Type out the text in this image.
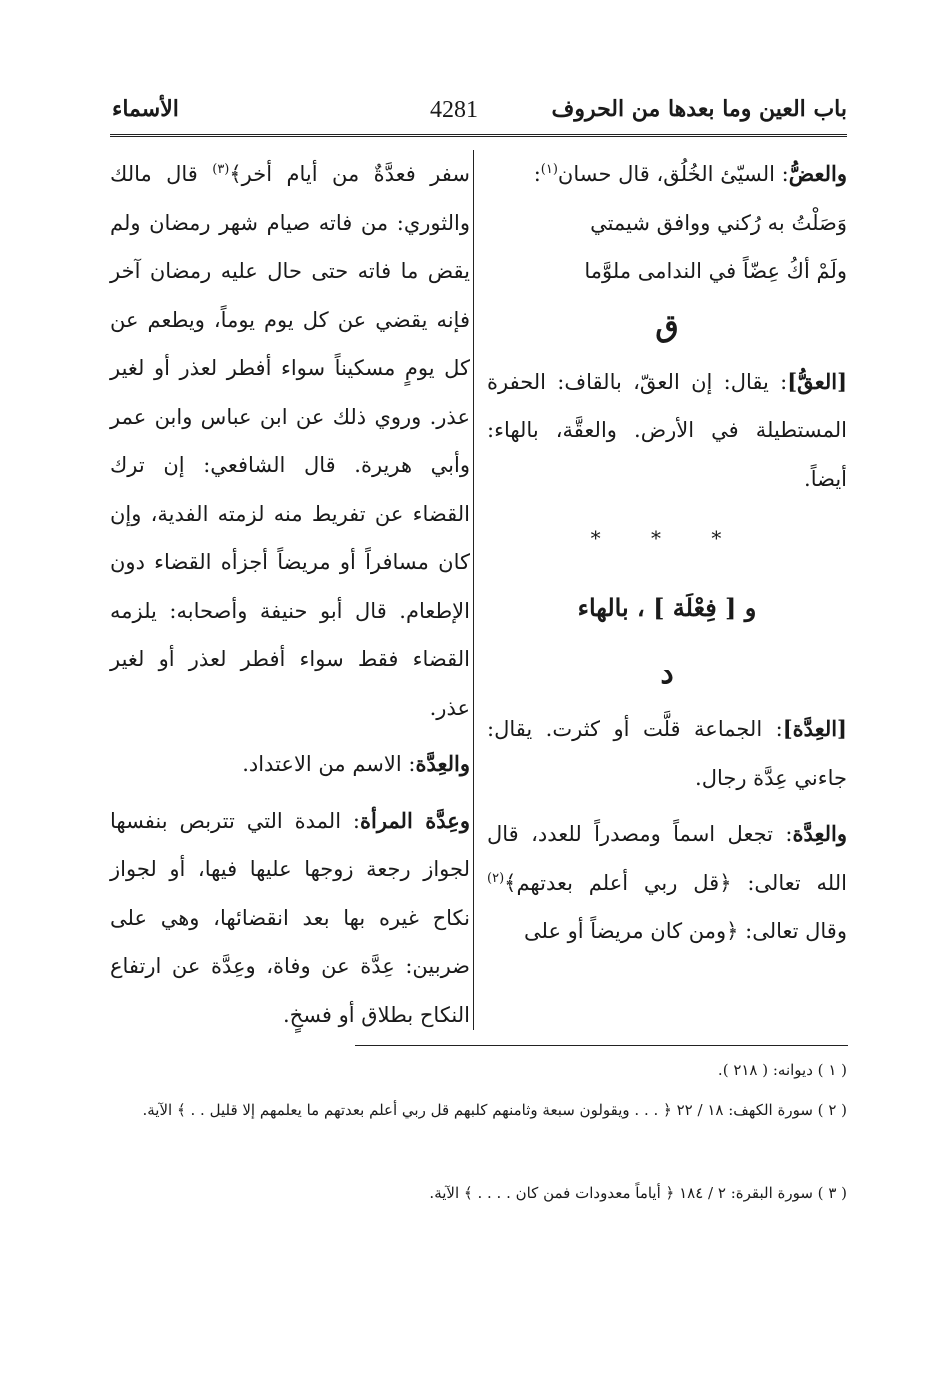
باب العين وما بعدها من الحروف
4281
الأسماء

والعضُّ: السيّئ الخُلُق، قال حسان$^{(١)}$:

وَصَلْتُ به رُكني ووافق شيمتي

ولَمْ أكُ عِضّاً في الندامى ملوَّما

ق

[العقُّ]: يقال: إن العقّ، بالقاف: الحفرة المستطيلة في الأرض. والعقَّة، بالهاء: أيضاً.

* * *

و [ فِعْلَة ] ، بالهاء

د

[العِدَّة]: الجماعة قلَّت أو كثرت. يقال: جاءني عِدَّة رجال.

والعِدَّة: تجعل اسماً ومصدراً للعدد، قال الله تعالى: ﴿قل ربي أعلم بعدتهم﴾$^{(٢)}$ وقال تعالى: ﴿ومن كان مريضاً أو على

سفر فعدَّةٌ من أيام أخر﴾$^{(٣)}$ قال مالك والثوري: من فاته صيام شهر رمضان ولم يقض ما فاته حتى حال عليه رمضان آخر فإنه يقضي عن كل يوم يوماً، ويطعم عن كل يومٍ مسكيناً سواء أفطر لعذر أو لغير عذر. وروي ذلك عن ابن عباس وابن عمر وأبي هريرة. قال الشافعي: إن ترك القضاء عن تفريط منه لزمته الفدية، وإن كان مسافراً أو مريضاً أجزأه القضاء دون الإطعام. قال أبو حنيفة وأصحابه: يلزمه القضاء فقط سواء أفطر لعذر أو لغير عذر.

والعِدَّة: الاسم من الاعتداد.

وعِدَّة المرأة: المدة التي تتربص بنفسها لجواز رجعة زوجها عليها فيها، أو لجواز نكاح غيره بها بعد انقضائها، وهي على ضربين: عِدَّة عن وفاة، وعِدَّة عن ارتفاع النكاح بطلاق أو فسخٍ.

( ١ ) ديوانه: ( ٢١٨ ).

( ٢ ) سورة الكهف: ١٨ / ٢٢ ﴿ . . . ويقولون سبعة وثامنهم كلبهم قل ربي أعلم بعدتهم ما يعلمهم إلا قليل . . ﴾ الآية.

( ٣ ) سورة البقرة: ٢ / ١٨٤ ﴿ أياماً معدودات فمن كان . . . . ﴾ الآية.
